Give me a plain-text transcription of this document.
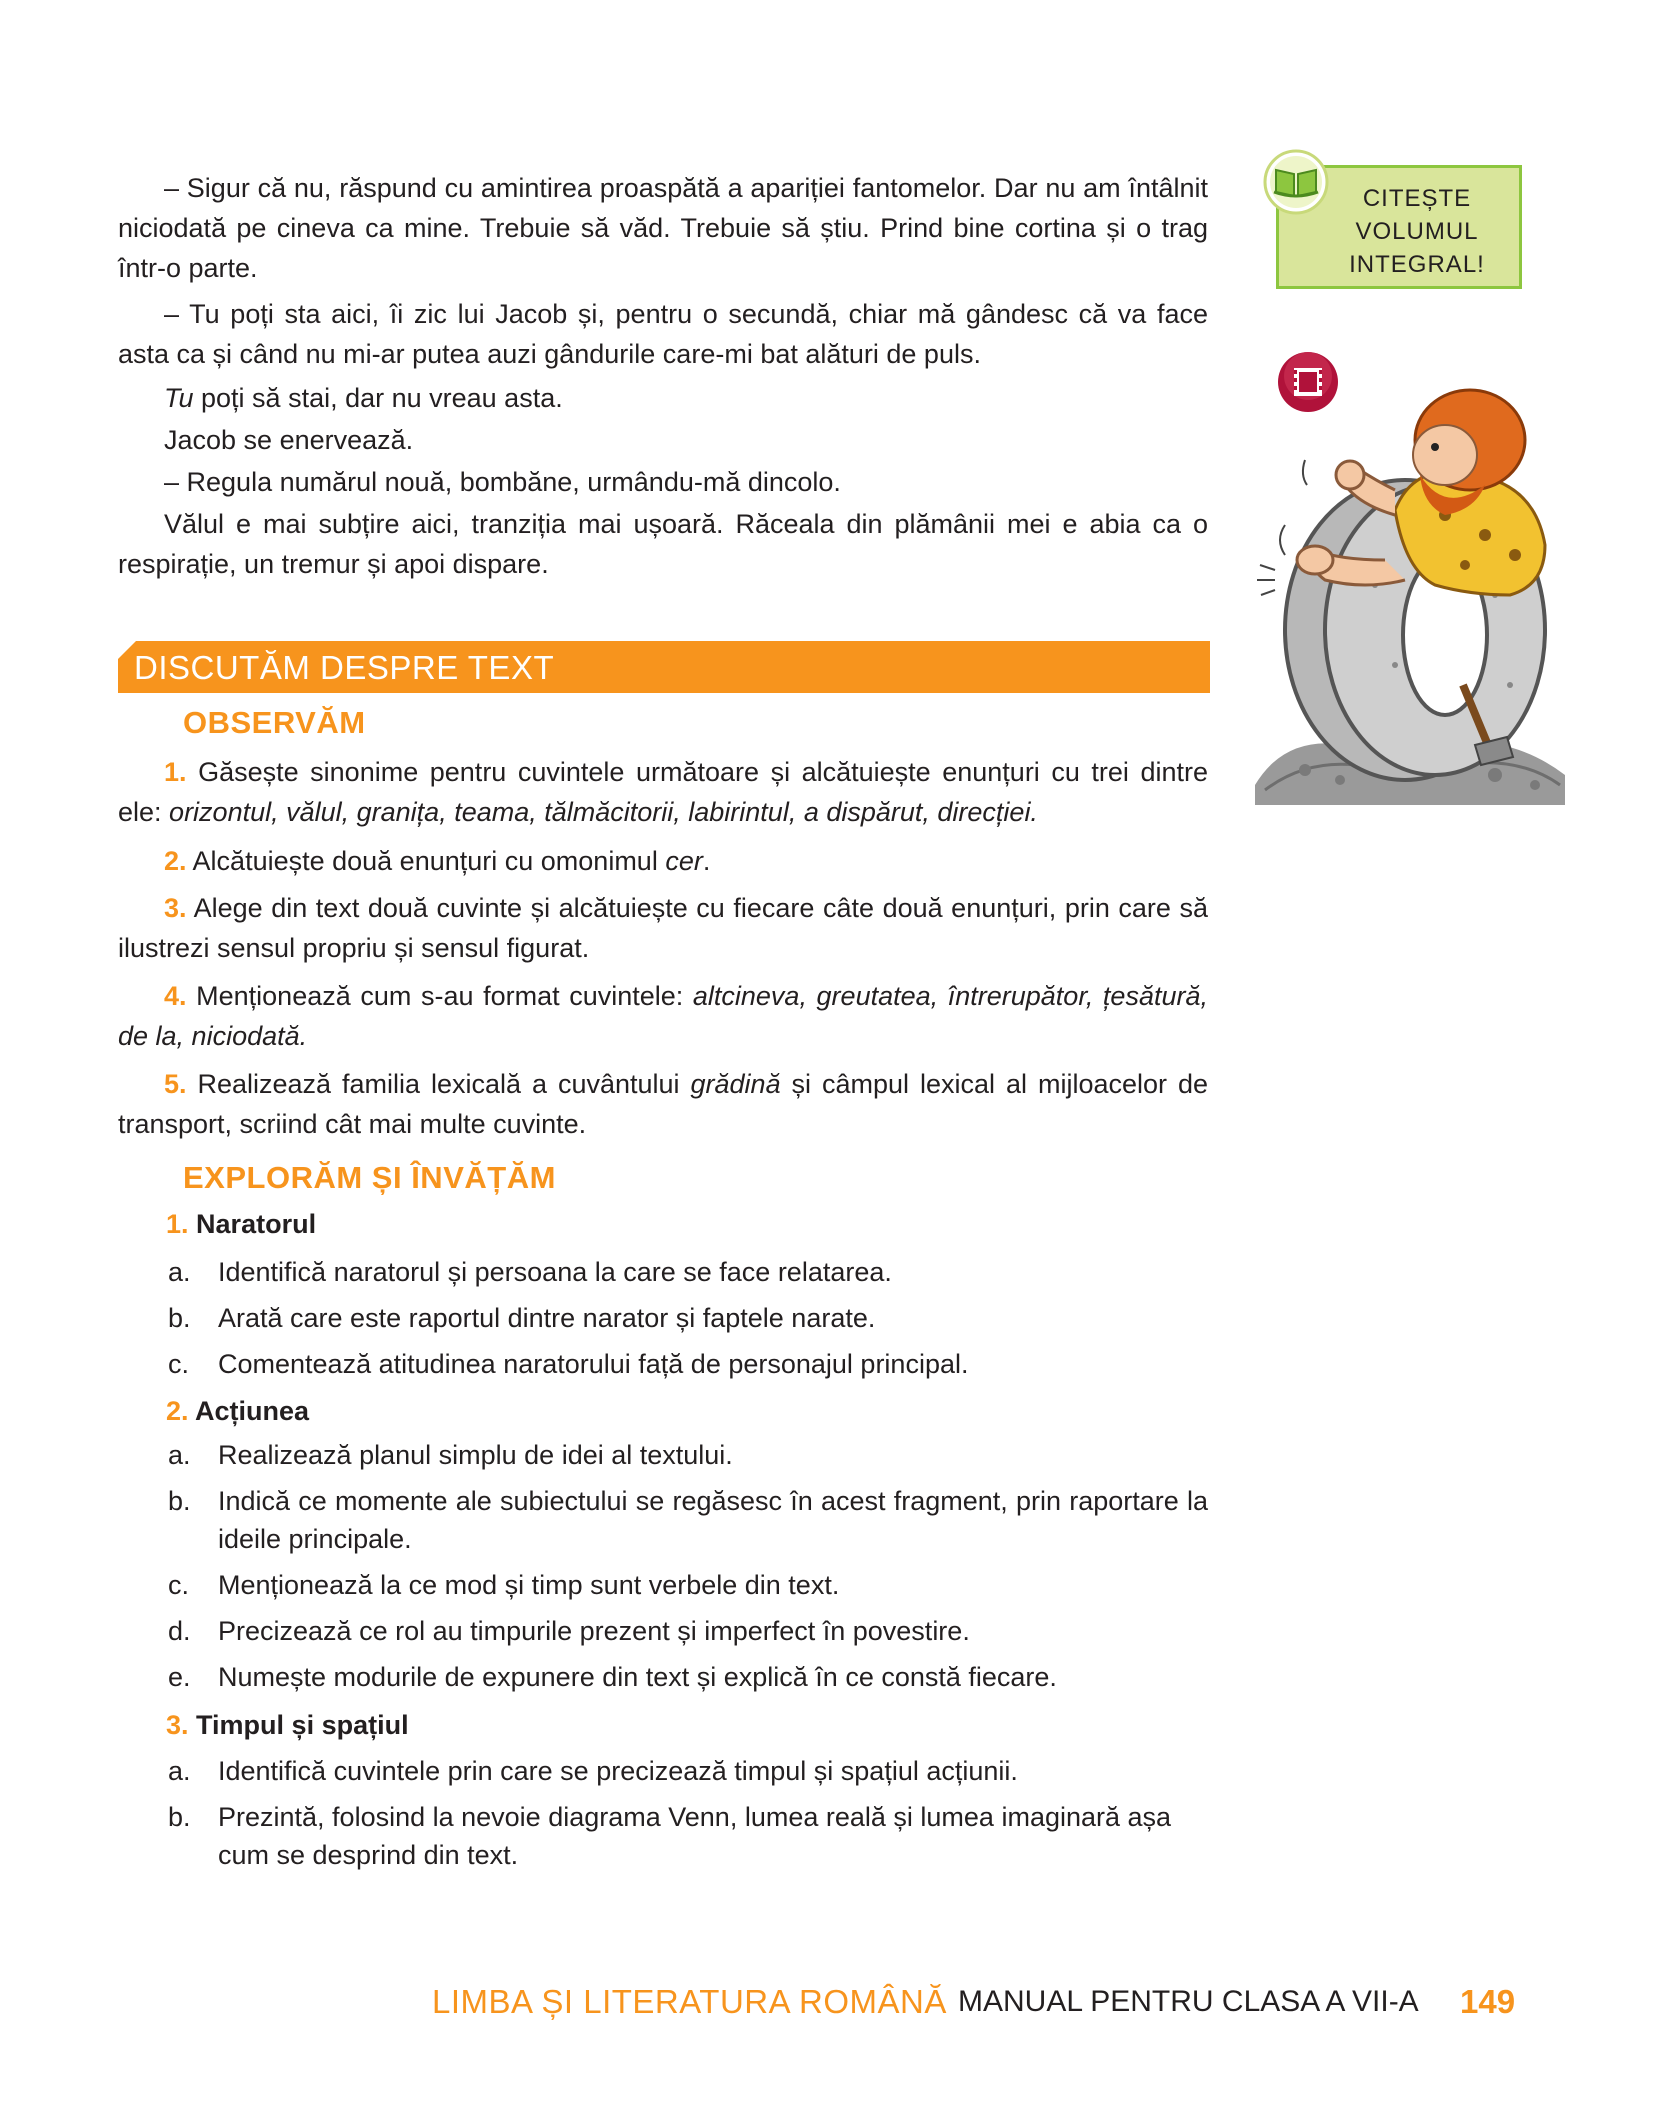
– Sigur că nu, răspund cu amintirea proaspătă a apariției fantomelor. Dar nu am întâlnit niciodată pe cineva ca mine. Trebuie să văd. Trebuie să știu. Prind bine cortina și o trag într-o parte.
– Tu poți sta aici, îi zic lui Jacob și, pentru o secundă, chiar mă gândesc că va face asta ca și când nu mi-ar putea auzi gândurile care-mi bat alături de puls.
Tu poți să stai, dar nu vreau asta.
Jacob se enervează.
– Regula numărul nouă, bombăne, urmându-mă dincolo.
Vălul e mai subțire aici, tranziția mai ușoară. Răceala din plămânii mei e abia ca o respirație, un tremur și apoi dispare.
DISCUTĂM DESPRE TEXT
OBSERVĂM
1. Găsește sinonime pentru cuvintele următoare și alcătuiește enunțuri cu trei dintre ele: orizontul, vălul, granița, teama, tălmăcitorii, labirintul, a dispărut, direcției.
2. Alcătuiește două enunțuri cu omonimul cer.
3. Alege din text două cuvinte și alcătuiește cu fiecare câte două enunțuri, prin care să ilustrezi sensul propriu și sensul figurat.
4. Menționează cum s-au format cuvintele: altcineva, greutatea, întrerupător, țesătură, de la, niciodată.
5. Realizează familia lexicală a cuvântului grădină și câmpul lexical al mijloacelor de transport, scriind cât mai multe cuvinte.
EXPLORĂM ȘI ÎNVĂȚĂM
1. Naratorul
a. Identifică naratorul și persoana la care se face relatarea.
b. Arată care este raportul dintre narator și faptele narate.
c. Comentează atitudinea naratorului față de personajul principal.
2. Acțiunea
a. Realizează planul simplu de idei al textului.
b. Indică ce momente ale subiectului se regăsesc în acest fragment, prin raportare la ideile principale.
c. Menționează la ce mod și timp sunt verbele din text.
d. Precizează ce rol au timpurile prezent și imperfect în povestire.
e. Numește modurile de expunere din text și explică în ce constă fiecare.
3. Timpul și spațiul
a. Identifică cuvintele prin care se precizează timpul și spațiul acțiunii.
b. Prezintă, folosind la nevoie diagrama Venn, lumea reală și lumea imaginară așa cum se desprind din text.
CITEȘTE
VOLUMUL
INTEGRAL!
LIMBA ȘI LITERATURA ROMÂNĂ MANUAL PENTRU CLASA A VII-A 149
